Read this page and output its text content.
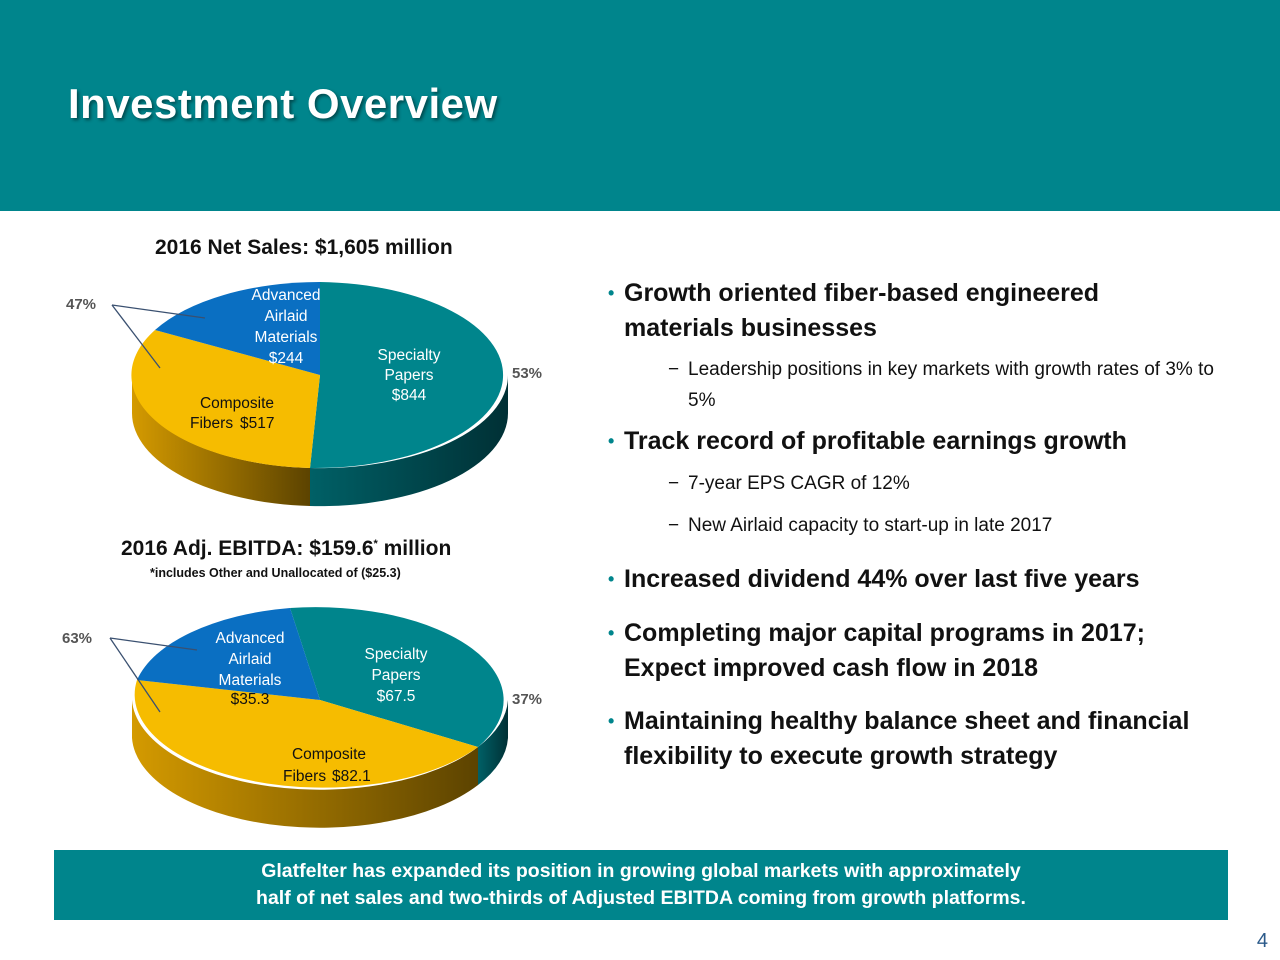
Investment Overview
2016 Net Sales: $1,605 million
2016 Adj. EBITDA: $159.6* million
*includes Other and Unallocated of ($25.3)
47%
53%
Advanced Airlaid Materials
$244	Specialty Papers
$844
Composite
Fibers $517
63%
37%
Advanced Airlaid Materials
$35.3
Specialty Papers
$67.5
Composite
Fibers $82.1
• Growth oriented fiber-based engineered materials businesses
− Leadership positions in key markets with growth rates of 3% to 5%
• Track record of profitable earnings growth
− 7-year EPS CAGR of 12%
− New Airlaid capacity to start-up in late 2017
• Increased dividend 44% over last five years
• Completing major capital programs in 2017; Expect improved cash flow in 2018
• Maintaining healthy balance sheet and financial flexibility to execute growth strategy
Glatfelter has expanded its position in growing global markets with approximately
half of net sales and two-thirds of Adjusted EBITDA coming from growth platforms.
4
